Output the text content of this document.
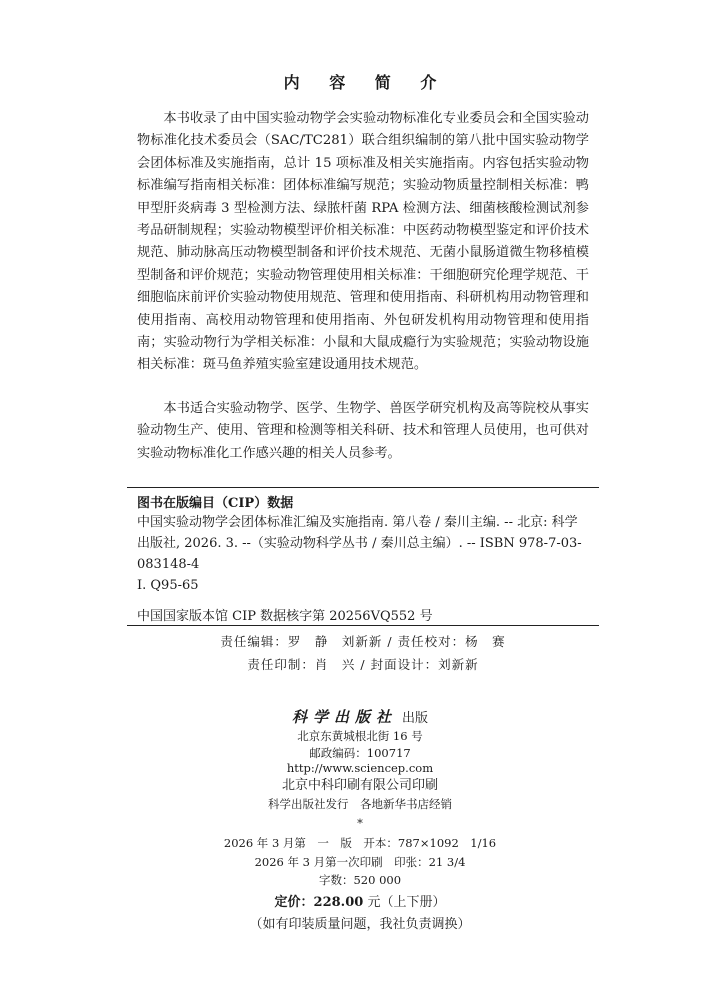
内 容 简 介

本书收录了由中国实验动物学会实验动物标准化专业委员会和全国实验动物标准化技术委员会（SAC/TC281）联合组织编制的第八批中国实验动物学会团体标准及实施指南，总计 15 项标准及相关实施指南。内容包括实验动物标准编写指南相关标准：团体标准编写规范；实验动物质量控制相关标准：鸭甲型肝炎病毒 3 型检测方法、绿脓杆菌 RPA 检测方法、细菌核酸检测试剂参考品研制规程；实验动物模型评价相关标准：中医药动物模型鉴定和评价技术规范、肺动脉高压动物模型制备和评价技术规范、无菌小鼠肠道微生物移植模型制备和评价规范；实验动物管理使用相关标准：干细胞研究伦理学规范、干细胞临床前评价实验动物使用规范、管理和使用指南、科研机构用动物管理和使用指南、高校用动物管理和使用指南、外包研发机构用动物管理和使用指南；实验动物行为学相关标准：小鼠和大鼠成瘾行为实验规范；实验动物设施相关标准：斑马鱼养殖实验室建设通用技术规范。

本书适合实验动物学、医学、生物学、兽医学研究机构及高等院校从事实验动物生产、使用、管理和检测等相关科研、技术和管理人员使用，也可供对实验动物标准化工作感兴趣的相关人员参考。

图书在版编目（CIP）数据

中国实验动物学会团体标准汇编及实施指南. 第八卷 / 秦川主编. -- 北京: 科学出版社, 2026. 3. --（实验动物科学丛书 / 秦川总主编）. -- ISBN 978-7-03-083148-4

Ⅰ. Q95-65
中国国家版本馆 CIP 数据核字第 20256VQ552 号
责任编辑：罗　静　刘新新 / 责任校对：杨　赛
责任印制：肖　兴 / 封面设计：刘新新
科学出版社 出版
北京东黄城根北街 16 号
邮政编码：100717
http://www.sciencep.com
北京中科印刷有限公司印刷
科学出版社发行　各地新华书店经销
*
2026 年 3 月第　一　版　开本：787×1092　1/16
2026 年 3 月第一次印刷　印张：21 3/4
字数：520 000
定价：228.00 元（上下册）
（如有印装质量问题，我社负责调换）
